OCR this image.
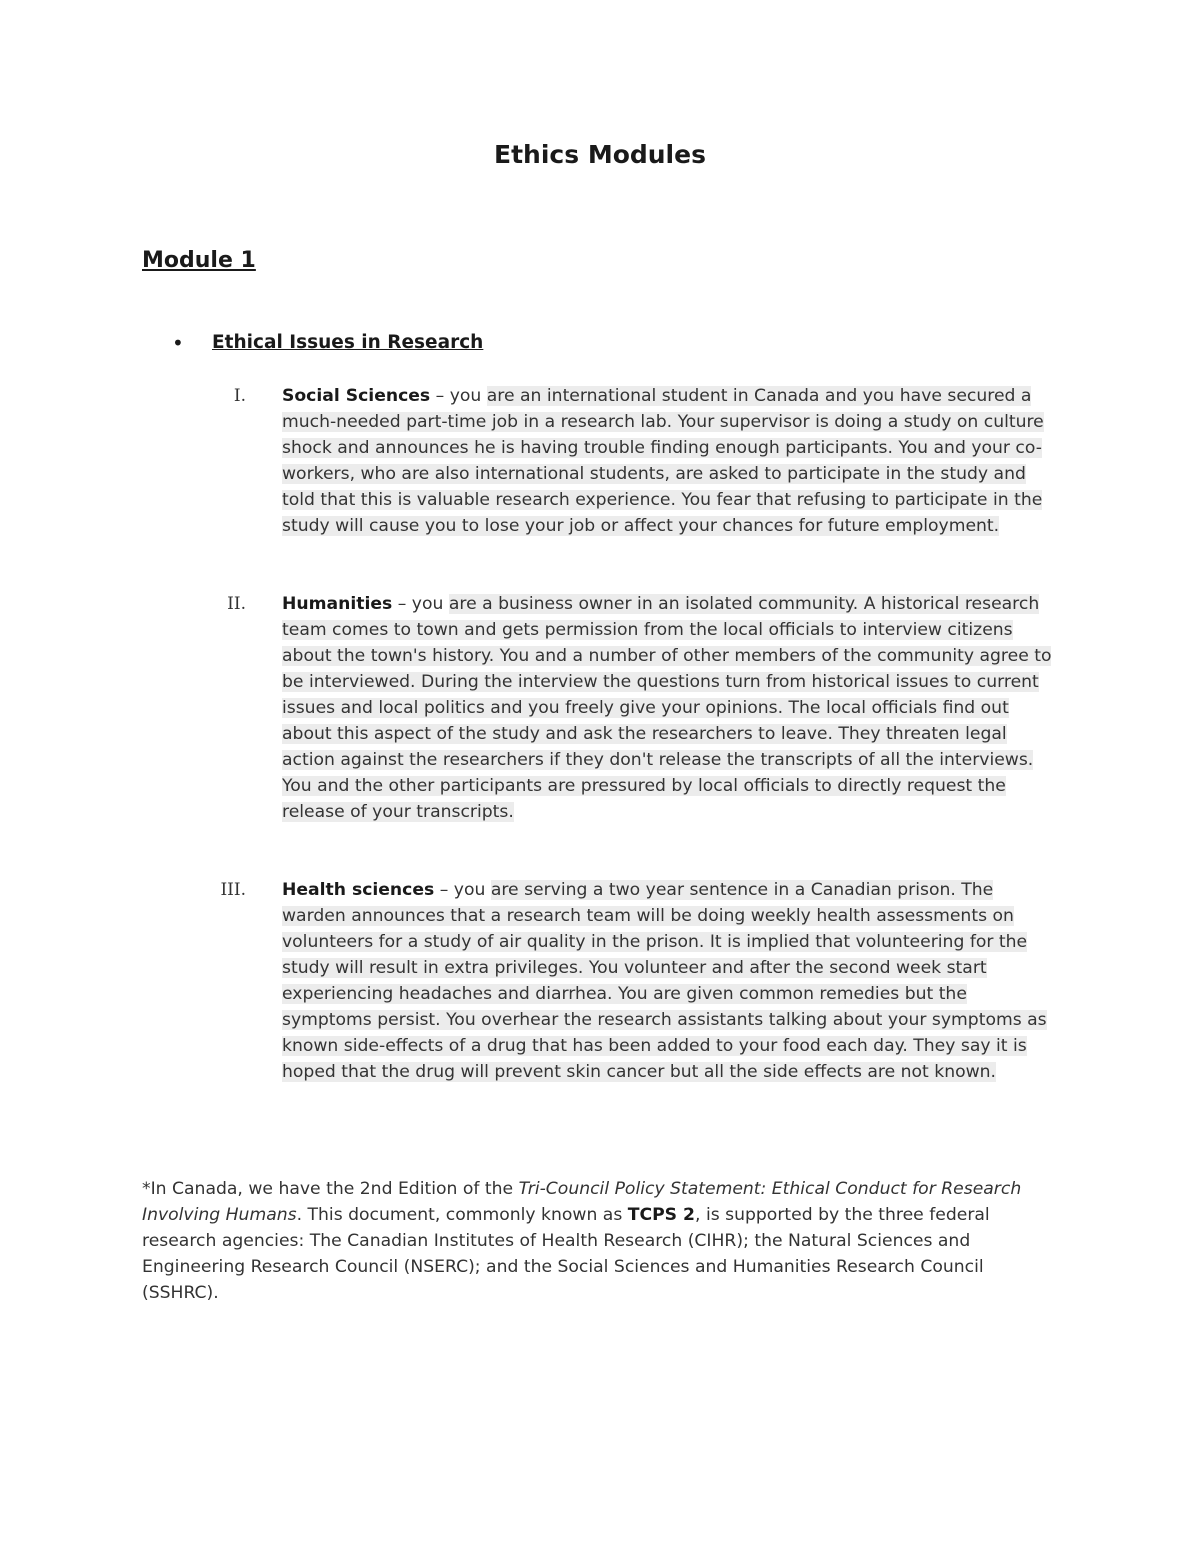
Ethics Modules
Module 1
• Ethical Issues in Research
I. Social Sciences – you are an international student in Canada and you have secured a much-needed part-time job in a research lab. Your supervisor is doing a study on culture shock and announces he is having trouble finding enough participants. You and your co-workers, who are also international students, are asked to participate in the study and told that this is valuable research experience. You fear that refusing to participate in the study will cause you to lose your job or affect your chances for future employment.
II. Humanities – you are a business owner in an isolated community. A historical research team comes to town and gets permission from the local officials to interview citizens about the town's history. You and a number of other members of the community agree to be interviewed. During the interview the questions turn from historical issues to current issues and local politics and you freely give your opinions. The local officials find out about this aspect of the study and ask the researchers to leave. They threaten legal action against the researchers if they don't release the transcripts of all the interviews. You and the other participants are pressured by local officials to directly request the release of your transcripts.
III. Health sciences – you are serving a two year sentence in a Canadian prison. The warden announces that a research team will be doing weekly health assessments on volunteers for a study of air quality in the prison. It is implied that volunteering for the study will result in extra privileges. You volunteer and after the second week start experiencing headaches and diarrhea. You are given common remedies but the symptoms persist. You overhear the research assistants talking about your symptoms as known side-effects of a drug that has been added to your food each day. They say it is hoped that the drug will prevent skin cancer but all the side effects are not known.
*In Canada, we have the 2nd Edition of the Tri-Council Policy Statement: Ethical Conduct for Research Involving Humans. This document, commonly known as TCPS 2, is supported by the three federal research agencies: The Canadian Institutes of Health Research (CIHR); the Natural Sciences and Engineering Research Council (NSERC); and the Social Sciences and Humanities Research Council (SSHRC).
